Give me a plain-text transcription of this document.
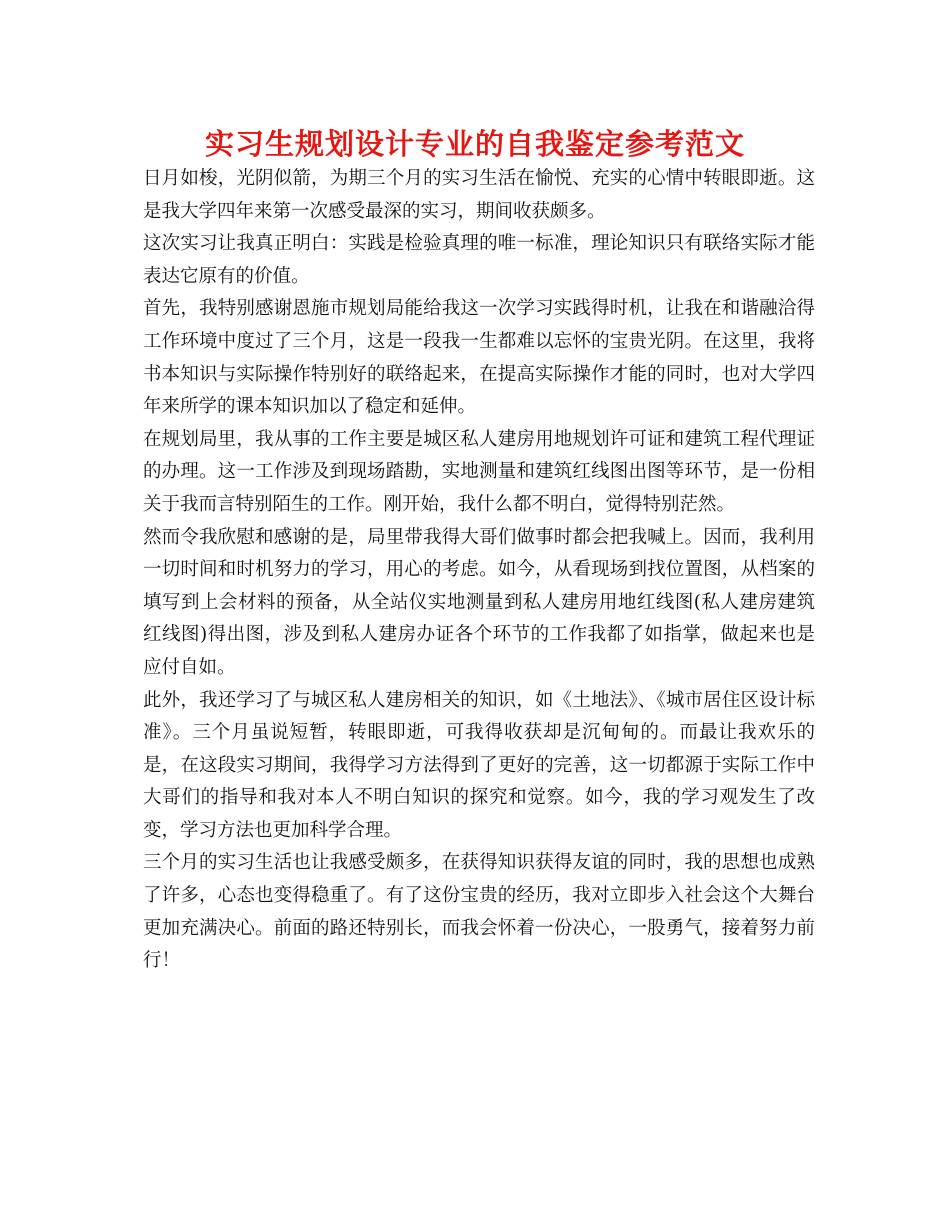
实习生规划设计专业的自我鉴定参考范文

日月如梭，光阴似箭，为期三个月的实习生活在愉悦、充实的心情中转眼即逝。这是我大学四年来第一次感受最深的实习，期间收获颇多。

这次实习让我真正明白：实践是检验真理的唯一标准，理论知识只有联络实际才能表达它原有的价值。

首先，我特别感谢恩施市规划局能给我这一次学习实践得时机，让我在和谐融洽得工作环境中度过了三个月，这是一段我一生都难以忘怀的宝贵光阴。在这里，我将书本知识与实际操作特别好的联络起来，在提高实际操作才能的同时，也对大学四年来所学的课本知识加以了稳定和延伸。

在规划局里，我从事的工作主要是城区私人建房用地规划许可证和建筑工程代理证的办理。这一工作涉及到现场踏勘，实地测量和建筑红线图出图等环节，是一份相关于我而言特别陌生的工作。刚开始，我什么都不明白，觉得特别茫然。

然而令我欣慰和感谢的是，局里带我得大哥们做事时都会把我喊上。因而，我利用一切时间和时机努力的学习，用心的考虑。如今，从看现场到找位置图，从档案的填写到上会材料的预备，从全站仪实地测量到私人建房用地红线图(私人建房建筑红线图)得出图，涉及到私人建房办证各个环节的工作我都了如指掌，做起来也是应付自如。

此外，我还学习了与城区私人建房相关的知识，如《土地法》、《城市居住区设计标准》。三个月虽说短暂，转眼即逝，可我得收获却是沉甸甸的。而最让我欢乐的是，在这段实习期间，我得学习方法得到了更好的完善，这一切都源于实际工作中大哥们的指导和我对本人不明白知识的探究和觉察。如今，我的学习观发生了改变，学习方法也更加科学合理。

三个月的实习生活也让我感受颇多，在获得知识获得友谊的同时，我的思想也成熟了许多，心态也变得稳重了。有了这份宝贵的经历，我对立即步入社会这个大舞台更加充满决心。前面的路还特别长，而我会怀着一份决心，一股勇气，接着努力前行！
